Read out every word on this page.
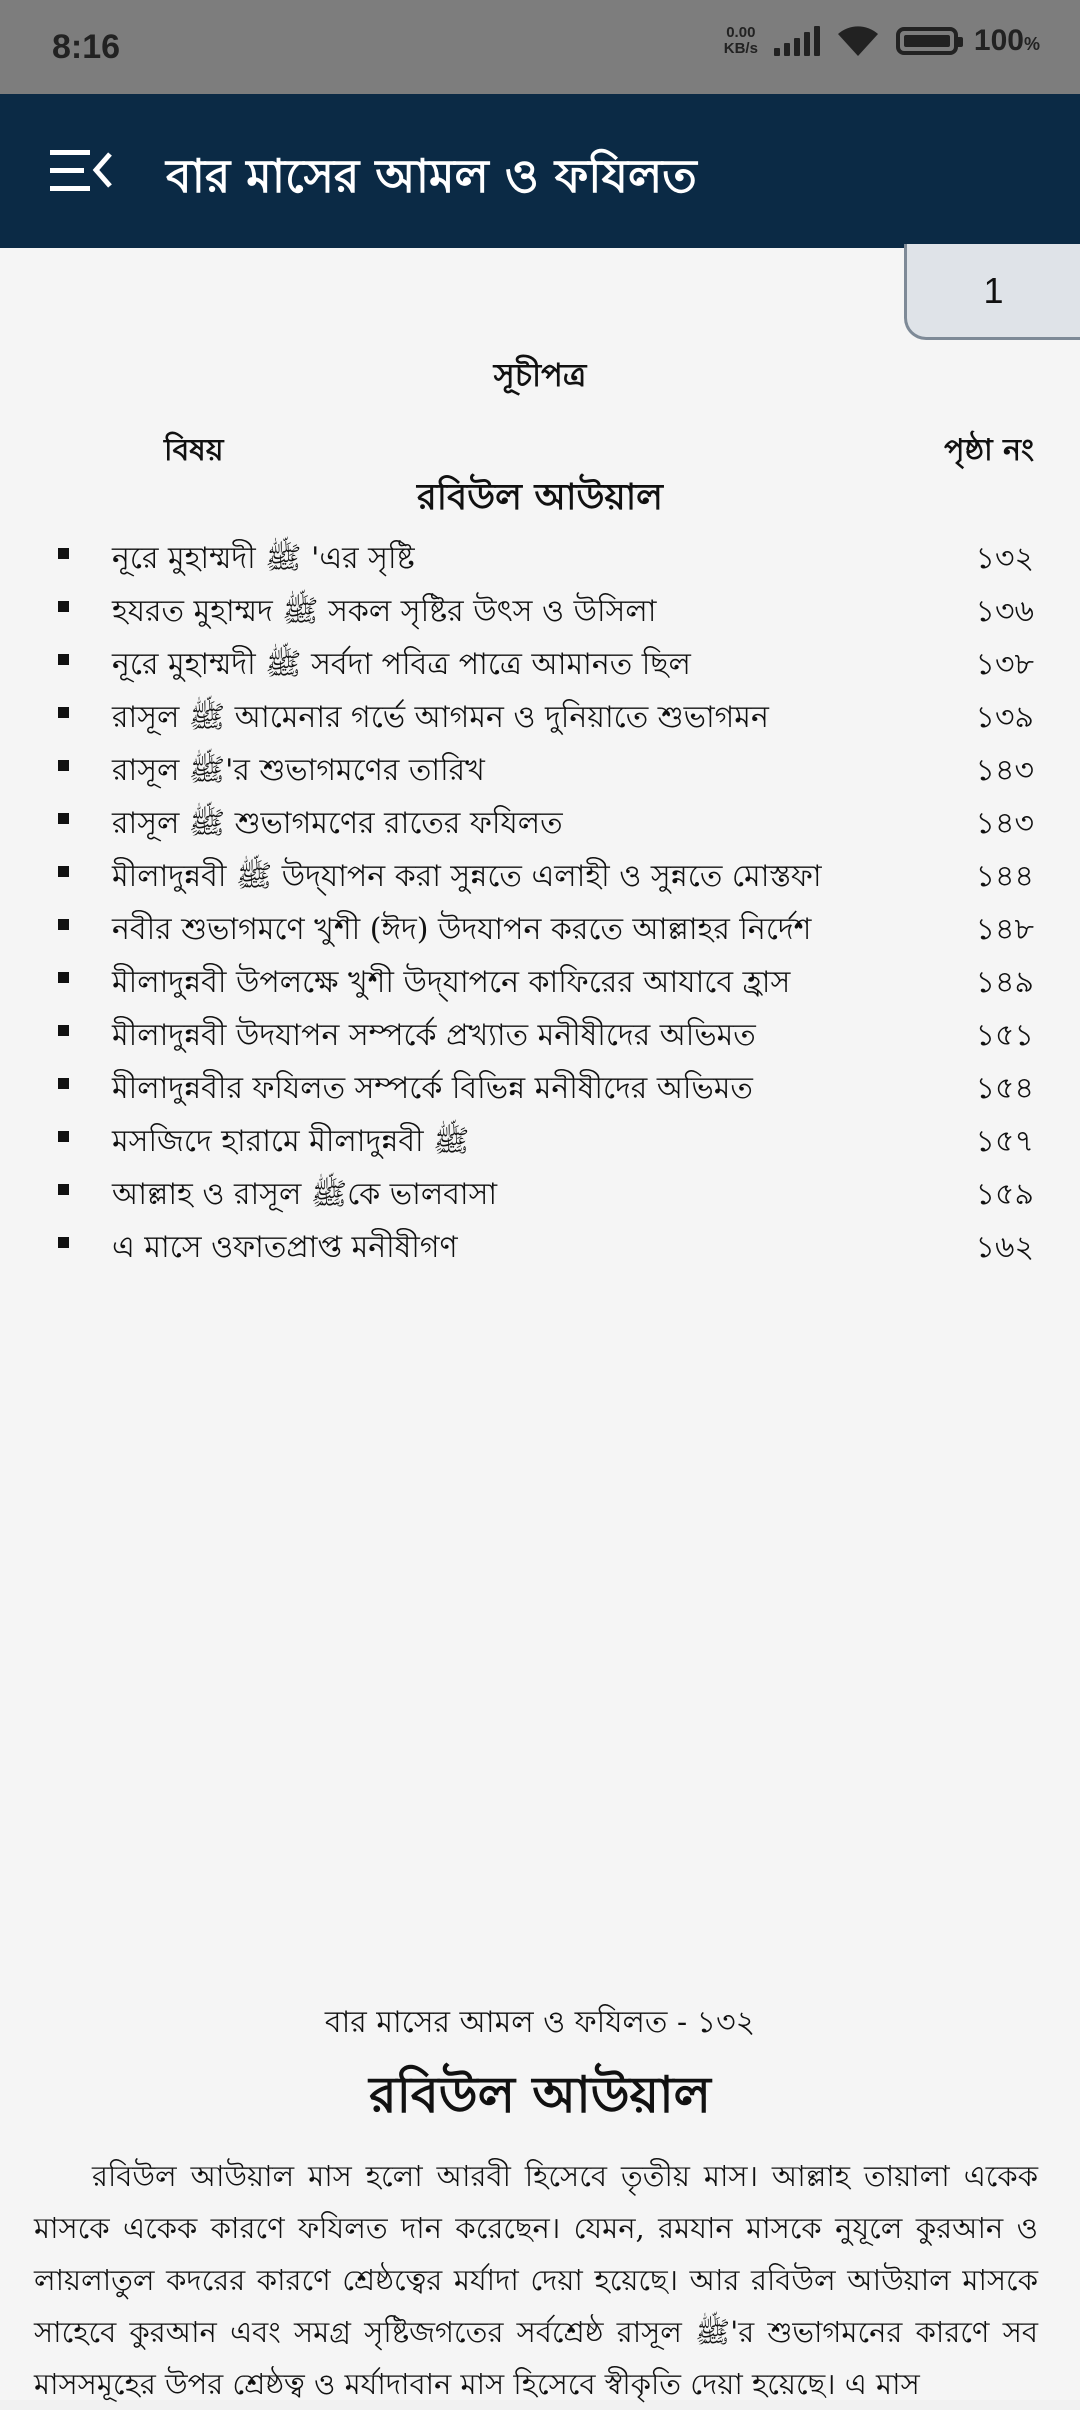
8:16	0.00
KB/s	100%
বার মাসের আমল ও ফযিলত
1
সূচীপত্র
বিষয়	পৃষ্ঠা নং
রবিউল আউয়াল
নূরে মুহাম্মদী ﷺ 'এর সৃষ্টি	১৩২
হযরত মুহাম্মদ ﷺ সকল সৃষ্টির উৎস ও উসিলা	১৩৬
নূরে মুহাম্মদী ﷺ সর্বদা পবিত্র পাত্রে আমানত ছিল	১৩৮
রাসূল ﷺ আমেনার গর্ভে আগমন ও দুনিয়াতে শুভাগমন	১৩৯
রাসূল ﷺ'র শুভাগমণের তারিখ	১৪৩
রাসূল ﷺ শুভাগমণের রাতের ফযিলত	১৪৩
মীলাদুন্নবী ﷺ উদ্‌যাপন করা সুন্নতে এলাহী ও সুন্নতে মোস্তফা	১৪৪
নবীর শুভাগমণে খুশী (ঈদ) উদযাপন করতে আল্লাহর নির্দেশ	১৪৮
মীলাদুন্নবী উপলক্ষে খুশী উদ্‌যাপনে কাফিরের আযাবে হ্রাস	১৪৯
মীলাদুন্নবী উদযাপন সম্পর্কে প্রখ্যাত মনীষীদের অভিমত	১৫১
মীলাদুন্নবীর ফযিলত সম্পর্কে বিভিন্ন মনীষীদের অভিমত	১৫৪
মসজিদে হারামে মীলাদুন্নবী ﷺ	১৫৭
আল্লাহ ও রাসূল ﷺকে ভালবাসা	১৫৯
এ মাসে ওফাতপ্রাপ্ত মনীষীগণ	১৬২
বার মাসের আমল ও ফযিলত - ১৩২
রবিউল আউয়াল
রবিউল আউয়াল মাস হলো আরবী হিসেবে তৃতীয় মাস। আল্লাহ তায়ালা একেক মাসকে একেক কারণে ফযিলত দান করেছেন। যেমন, রমযান মাসকে নুযূলে কুরআন ও লায়লাতুল কদরের কারণে শ্রেষ্ঠত্বের মর্যাদা দেয়া হয়েছে। আর রবিউল আউয়াল মাসকে সাহেবে কুরআন এবং সমগ্র সৃষ্টিজগতের সর্বশ্রেষ্ঠ রাসূল ﷺ'র শুভাগমনের কারণে সব মাসসমূহের উপর শ্রেষ্ঠত্ব ও মর্যাদাবান মাস হিসেবে স্বীকৃতি দেয়া হয়েছে। এ মাস
